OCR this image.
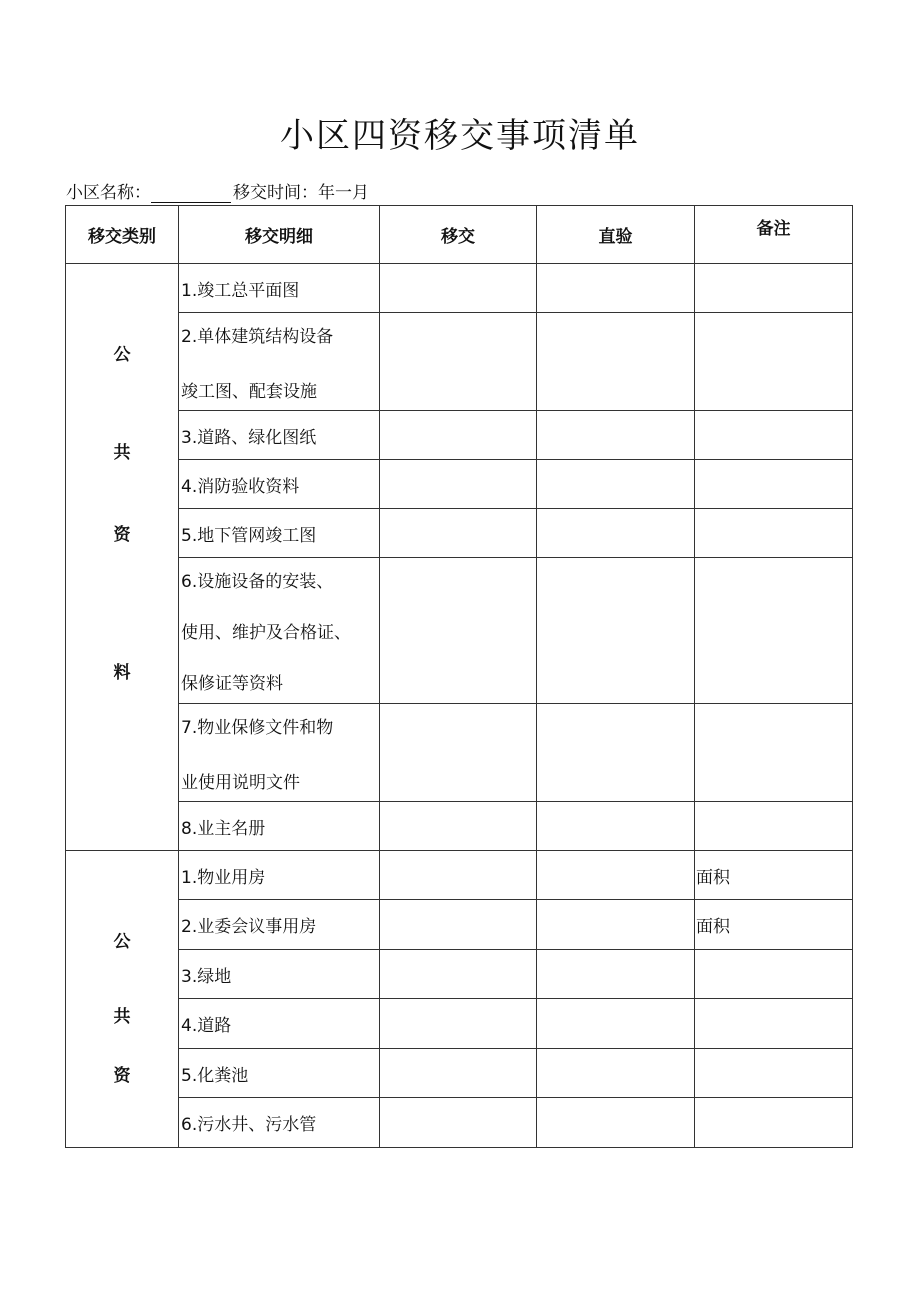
小区四资移交事项清单
小区名称：	移交时间：年一月
移交类别	移交明细	移交	直验	备注

公
共
资
料	1.竣工总平面图			

	2.单体建筑结构设备
竣工图、配套设施			

	3.道路、绿化图纸			

	4.消防验收资料			

	5.地下管网竣工图			

	6.设施设备的安装、
使用、维护及合格证、
保修证等资料			

	7.物业保修文件和物
业使用说明文件			

	8.业主名册			

公
共
资	1.物业用房			面积

	2.业委会议事用房			面积

	3.绿地			

	4.道路			

	5.化粪池			

	6.污水井、污水管			
